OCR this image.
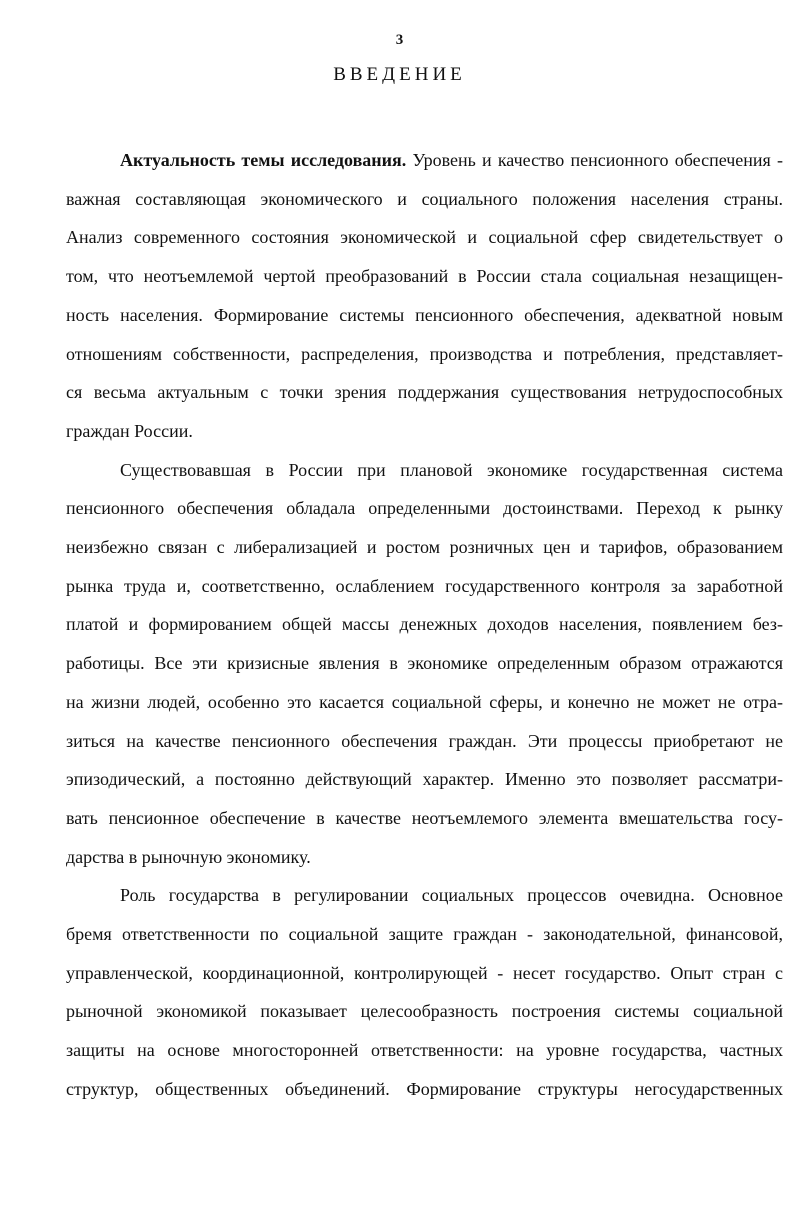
3
ВВЕДЕНИЕ
Актуальность темы исследования. Уровень и качество пенсионного обеспечения -
важная составляющая экономического и социального положения населения страны.
Анализ современного состояния экономической и социальной сфер свидетельствует о
том, что неотъемлемой чертой преобразований в России стала социальная незащищен-
ность населения. Формирование системы пенсионного обеспечения, адекватной новым
отношениям собственности, распределения, производства и потребления, представляет-
ся весьма актуальным с точки зрения поддержания существования нетрудоспособных
граждан России.
Существовавшая в России при плановой экономике государственная система
пенсионного обеспечения обладала определенными достоинствами. Переход к рынку
неизбежно связан с либерализацией и ростом розничных цен и тарифов, образованием
рынка труда и, соответственно, ослаблением государственного контроля за заработной
платой и формированием общей массы денежных доходов населения, появлением без-
работицы. Все эти кризисные явления в экономике определенным образом отражаются
на жизни людей, особенно это касается социальной сферы, и конечно не может не отра-
зиться на качестве пенсионного обеспечения граждан. Эти процессы приобретают не
эпизодический, а постоянно действующий характер. Именно это позволяет рассматри-
вать пенсионное обеспечение в качестве неотъемлемого элемента вмешательства госу-
дарства в рыночную экономику.
Роль государства в регулировании социальных процессов очевидна. Основное
бремя ответственности по социальной защите граждан - законодательной, финансовой,
управленческой, координационной, контролирующей - несет государство. Опыт стран с
рыночной экономикой показывает целесообразность построения системы социальной
защиты на основе многосторонней ответственности: на уровне государства, частных
структур, общественных объединений. Формирование структуры негосударственных
